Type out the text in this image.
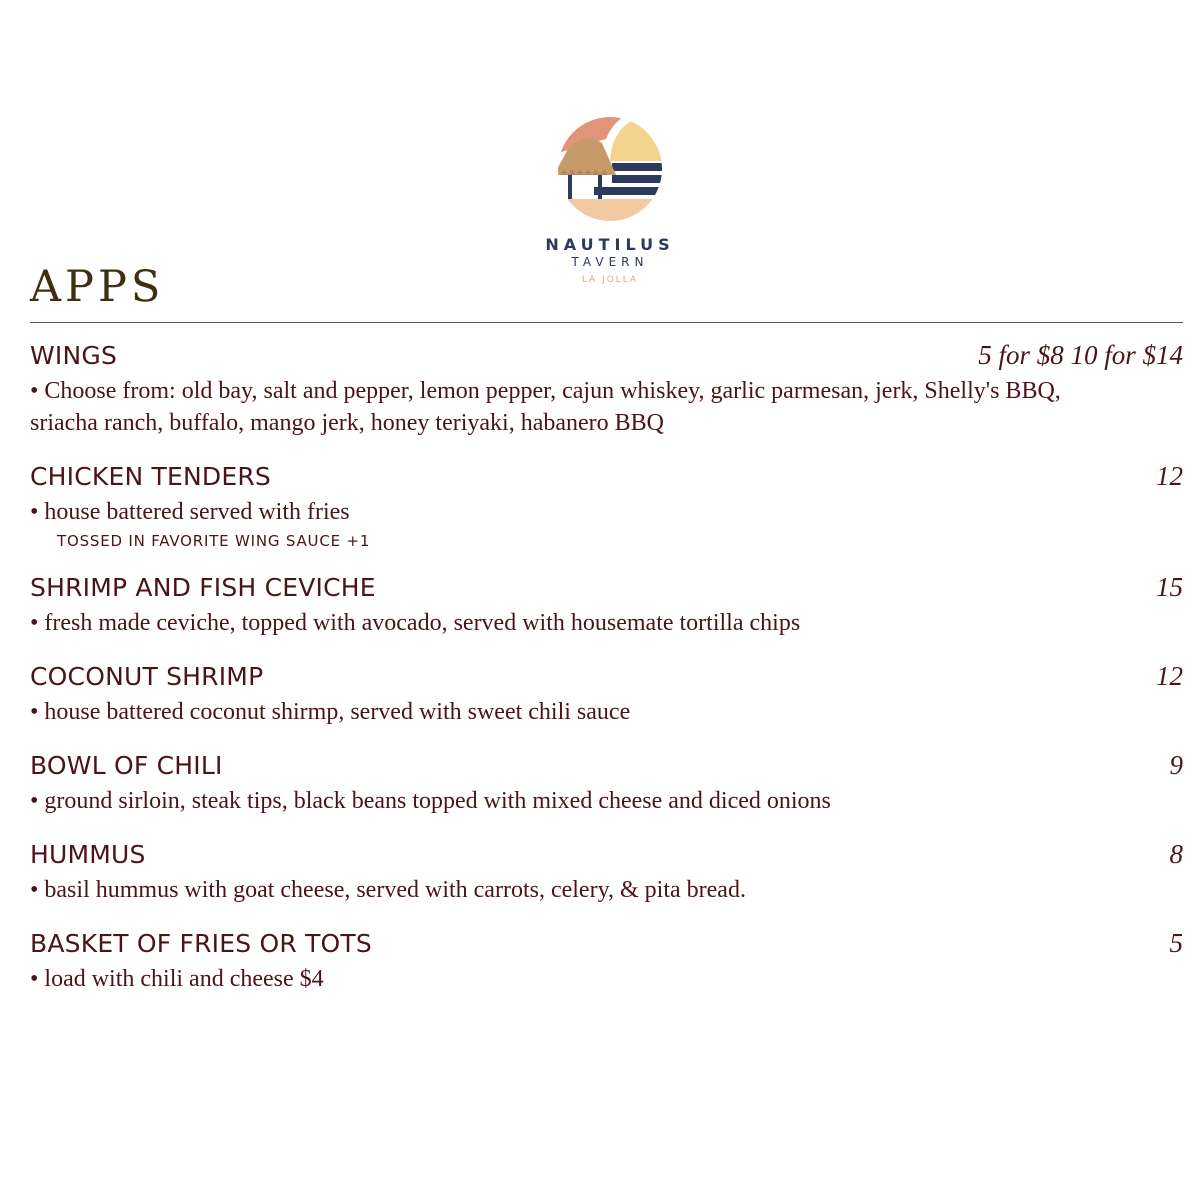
NAUTILUS
TAVERN
LA JOLLA
APPS
WINGS	5 for $8 10 for $14
• Choose from: old bay, salt and pepper, lemon pepper, cajun whiskey, garlic parmesan, jerk, Shelly's BBQ, sriacha ranch, buffalo, mango jerk, honey teriyaki, habanero BBQ
CHICKEN TENDERS	12
• house battered served with fries
TOSSED IN FAVORITE WING SAUCE +1
SHRIMP AND FISH CEVICHE	15
• fresh made ceviche, topped with avocado, served with housemate tortilla chips
COCONUT SHRIMP	12
• house battered coconut shirmp, served with sweet chili sauce
BOWL OF CHILI	9
• ground sirloin, steak tips, black beans topped with mixed cheese and diced onions
HUMMUS	8
• basil hummus with goat cheese, served with carrots, celery, & pita bread.
BASKET OF FRIES OR TOTS	5
• load with chili and cheese $4
